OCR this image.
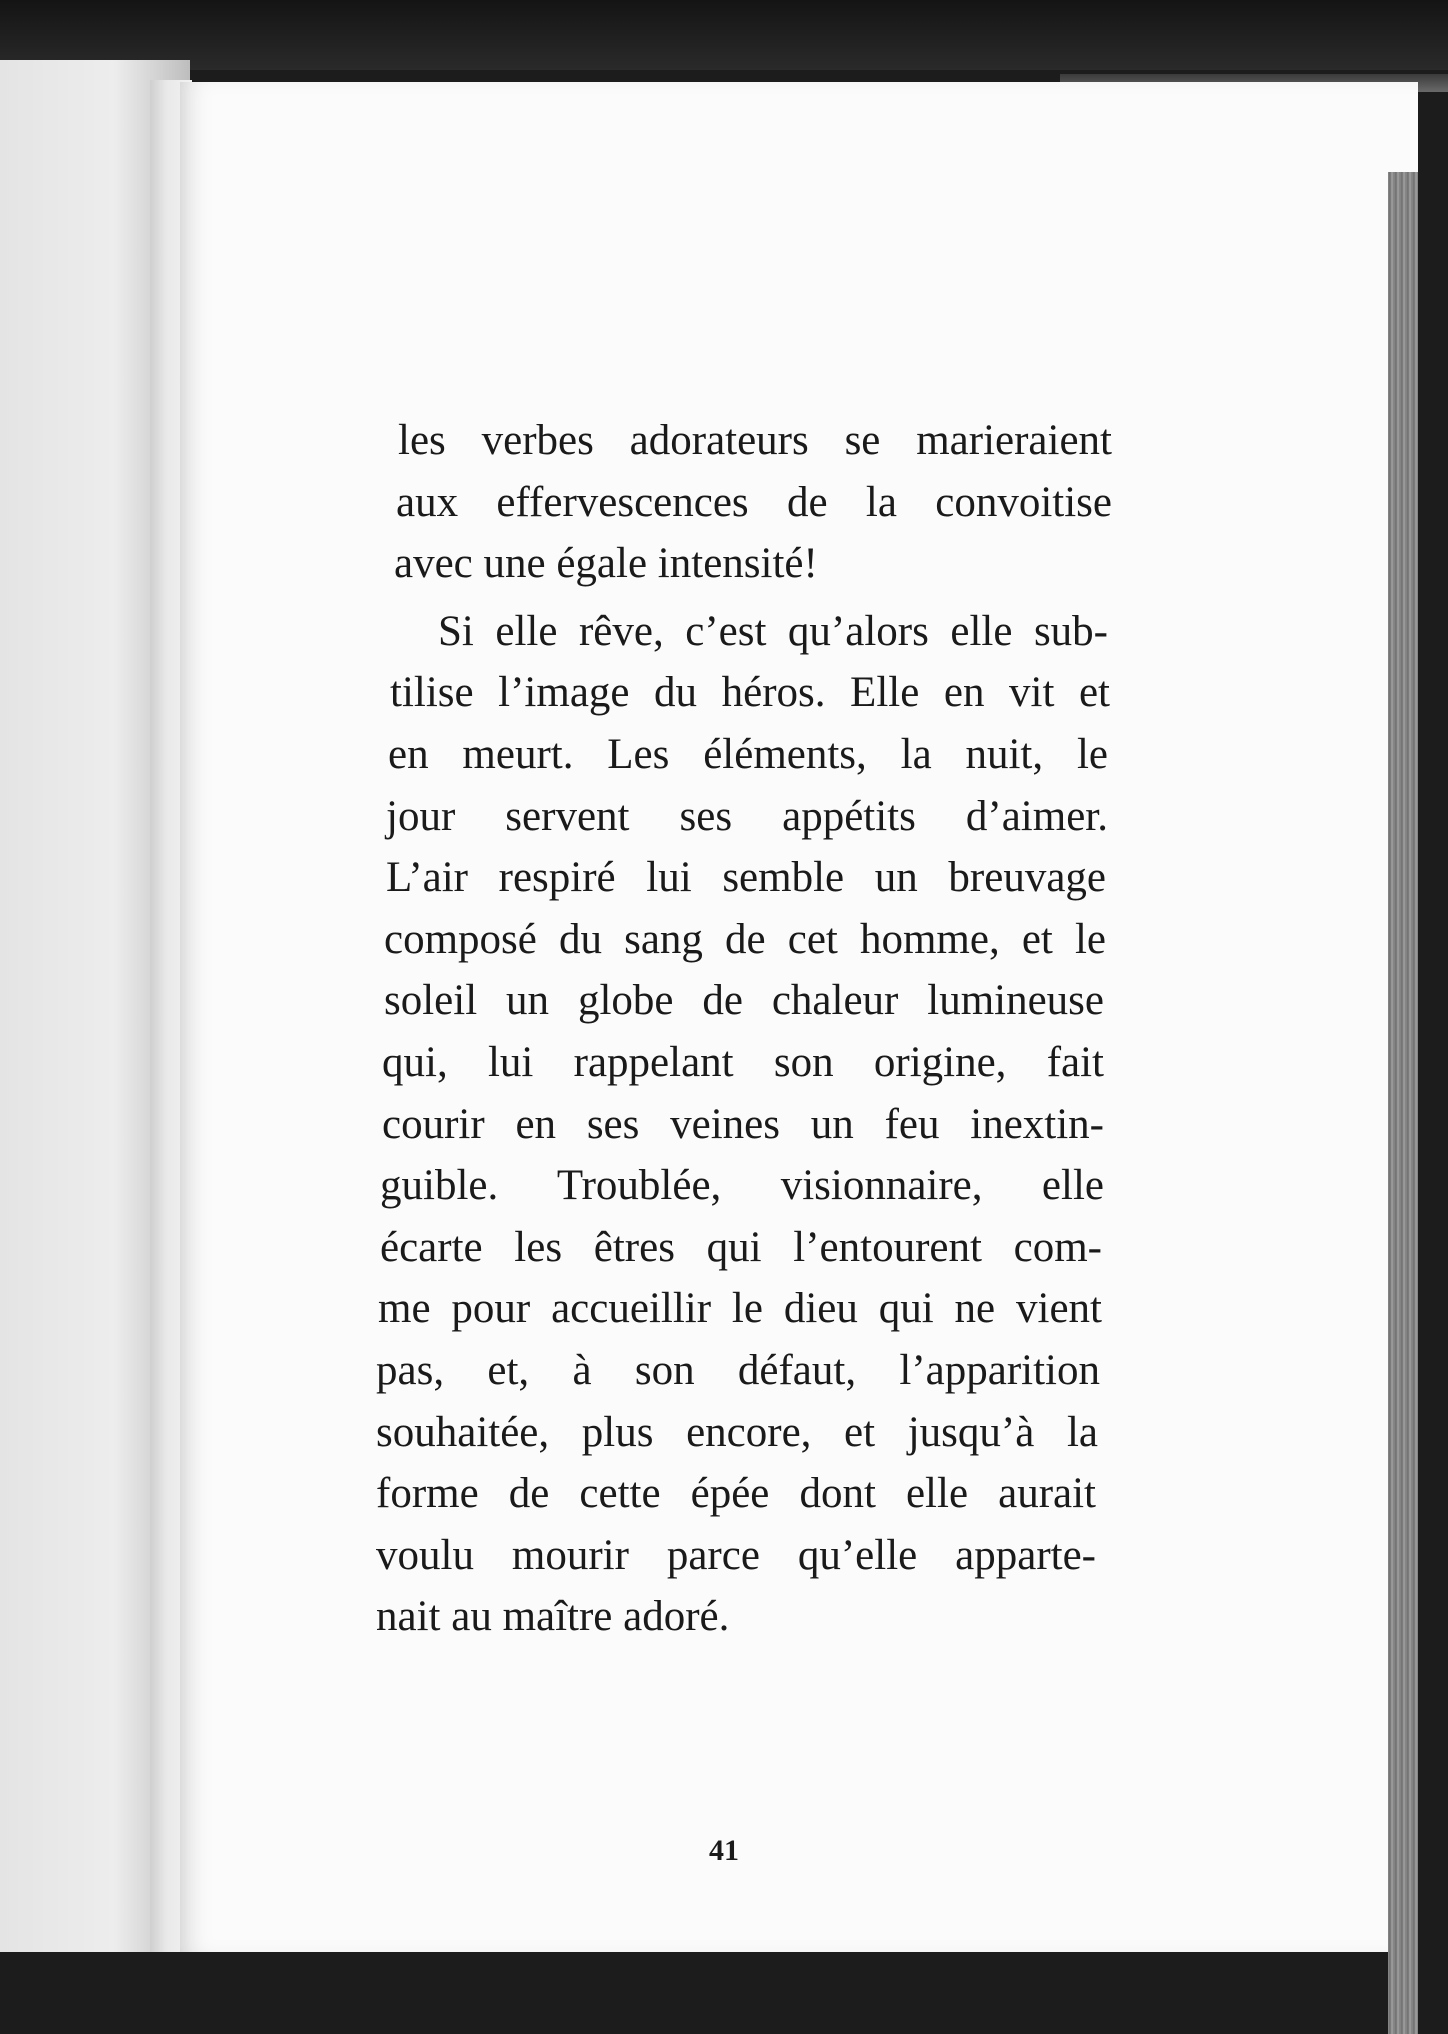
les verbes adorateurs se marieraient
aux effervescences de la convoitise
avec une égale intensité!
Si elle rêve, c’est qu’alors elle sub-
tilise l’image du héros. Elle en vit et
en meurt. Les éléments, la nuit, le
jour servent ses appétits d’aimer.
L’air respiré lui semble un breuvage
composé du sang de cet homme, et le
soleil un globe de chaleur lumineuse
qui, lui rappelant son origine, fait
courir en ses veines un feu inextin-
guible. Troublée, visionnaire, elle
écarte les êtres qui l’entourent com-
me pour accueillir le dieu qui ne vient
pas, et, à son défaut, l’apparition
souhaitée, plus encore, et jusqu’à la
forme de cette épée dont elle aurait
voulu mourir parce qu’elle apparte-
nait au maître adoré.
41
